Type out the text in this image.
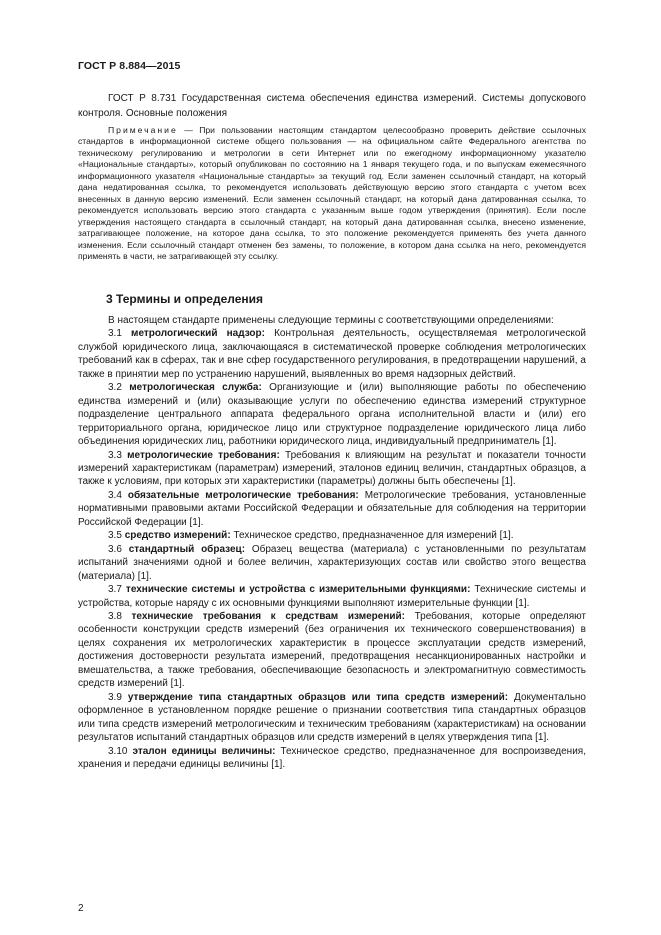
ГОСТ Р 8.884—2015

ГОСТ Р 8.731 Государственная система обеспечения единства измерений. Системы допускового контроля. Основные положения

Примечание — При пользовании настоящим стандартом целесообразно проверить действие ссылочных стандартов в информационной системе общего пользования — на официальном сайте Федерального агентства по техническому регулированию и метрологии в сети Интернет или по ежегодному информационному указателю «Национальные стандарты», который опубликован по состоянию на 1 января текущего года, и по выпускам ежемесячного информационного указателя «Национальные стандарты» за текущий год. Если заменен ссылочный стандарт, на который дана недатированная ссылка, то рекомендуется использовать действующую версию этого стандарта с учетом всех внесенных в данную версию изменений. Если заменен ссылочный стандарт, на который дана датированная ссылка, то рекомендуется использовать версию этого стандарта с указанным выше годом утверждения (принятия). Если после утверждения настоящего стандарта в ссылочный стандарт, на который дана датированная ссылка, внесено изменение, затрагивающее положение, на которое дана ссылка, то это положение рекомендуется применять без учета данного изменения. Если ссылочный стандарт отменен без замены, то положение, в котором дана ссылка на него, рекомендуется применять в части, не затрагивающей эту ссылку.

3 Термины и определения

В настоящем стандарте применены следующие термины с соответствующими определениями:

3.1 метрологический надзор: Контрольная деятельность, осуществляемая метрологической службой юридического лица, заключающаяся в систематической проверке соблюдения метрологических требований как в сферах, так и вне сфер государственного регулирования, в предотвращении нарушений, а также в принятии мер по устранению нарушений, выявленных во время надзорных действий.

3.2 метрологическая служба: Организующие и (или) выполняющие работы по обеспечению единства измерений и (или) оказывающие услуги по обеспечению единства измерений структурное подразделение центрального аппарата федерального органа исполнительной власти и (или) его территориального органа, юридическое лицо или структурное подразделение юридического лица либо объединения юридических лиц, работники юридического лица, индивидуальный предприниматель [1].

3.3 метрологические требования: Требования к влияющим на результат и показатели точности измерений характеристикам (параметрам) измерений, эталонов единиц величин, стандартных образцов, а также к условиям, при которых эти характеристики (параметры) должны быть обеспечены [1].

3.4 обязательные метрологические требования: Метрологические требования, установленные нормативными правовыми актами Российской Федерации и обязательные для соблюдения на территории Российской Федерации [1].

3.5 средство измерений: Техническое средство, предназначенное для измерений [1].

3.6 стандартный образец: Образец вещества (материала) с установленными по результатам испытаний значениями одной и более величин, характеризующих состав или свойство этого вещества (материала) [1].

3.7 технические системы и устройства с измерительными функциями: Технические системы и устройства, которые наряду с их основными функциями выполняют измерительные функции [1].

3.8 технические требования к средствам измерений: Требования, которые определяют особенности конструкции средств измерений (без ограничения их технического совершенствования) в целях сохранения их метрологических характеристик в процессе эксплуатации средств измерений, достижения достоверности результата измерений, предотвращения несанкционированных настройки и вмешательства, а также требования, обеспечивающие безопасность и электромагнитную совместимость средств измерений [1].

3.9 утверждение типа стандартных образцов или типа средств измерений: Документально оформленное в установленном порядке решение о признании соответствия типа стандартных образцов или типа средств измерений метрологическим и техническим требованиям (характеристикам) на основании результатов испытаний стандартных образцов или средств измерений в целях утверждения типа [1].

3.10 эталон единицы величины: Техническое средство, предназначенное для воспроизведения, хранения и передачи единицы величины [1].

2
